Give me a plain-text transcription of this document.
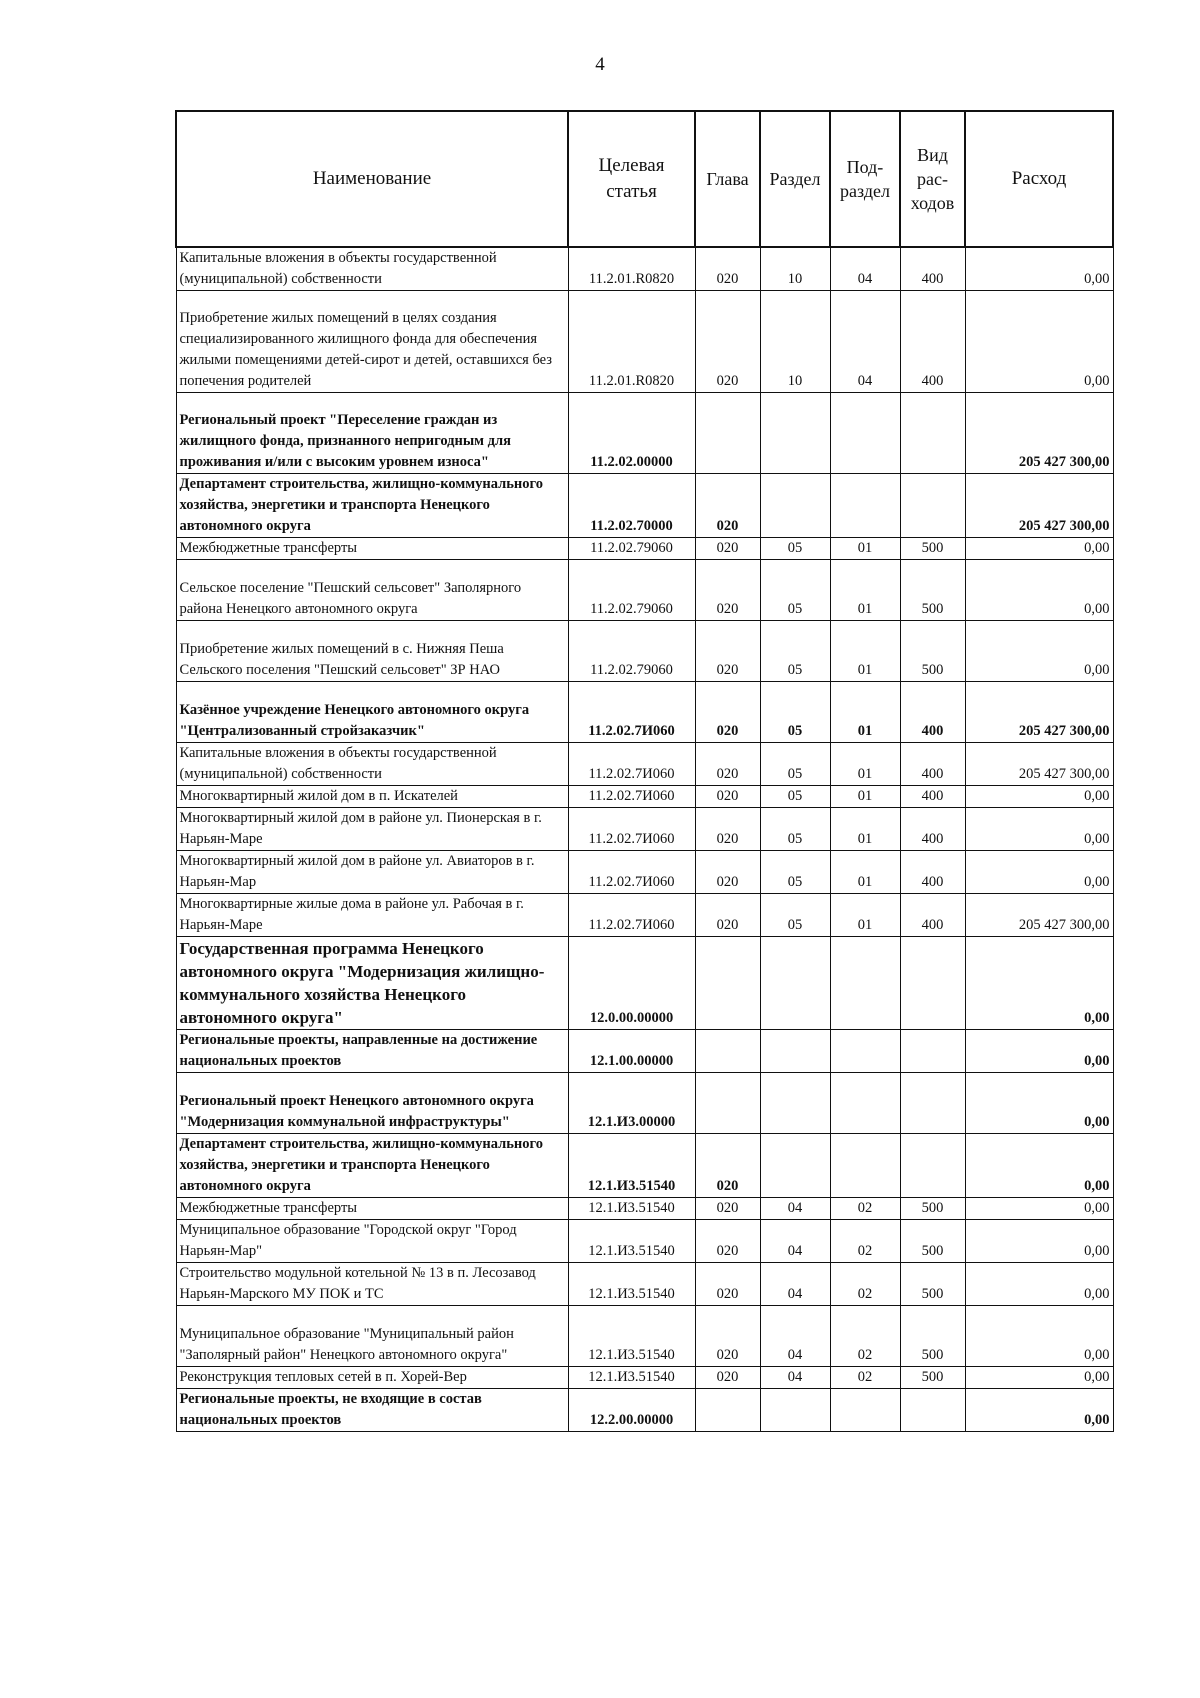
4
Наименование	Целевая статья	Глава	Раздел	Под- раздел	Вид рас- ходов	Расход
Капитальные вложения в объекты государственной (муниципальной) собственности	11.2.01.R0820	020	10	04	400	0,00
Приобретение жилых помещений в целях создания специализированного жилищного фонда для обеспечения жилыми помещениями детей-сирот и детей, оставшихся без попечения родителей	11.2.01.R0820	020	10	04	400	0,00
Региональный проект "Переселение граждан из жилищного фонда, признанного непригодным для проживания и/или с высоким уровнем износа"	11.2.02.00000					205 427 300,00
Департамент строительства, жилищно-коммунального хозяйства, энергетики и транспорта Ненецкого автономного округа	11.2.02.70000	020				205 427 300,00
Межбюджетные трансферты	11.2.02.79060	020	05	01	500	0,00
Сельское поселение "Пешский сельсовет" Заполярного района Ненецкого автономного округа	11.2.02.79060	020	05	01	500	0,00
Приобретение жилых помещений в с. Нижняя Пеша Сельского поселения "Пешский сельсовет" ЗР НАО	11.2.02.79060	020	05	01	500	0,00
Казённое учреждение Ненецкого автономного округа "Централизованный стройзаказчик"	11.2.02.7И060	020	05	01	400	205 427 300,00
Капитальные вложения в объекты государственной (муниципальной) собственности	11.2.02.7И060	020	05	01	400	205 427 300,00
Многоквартирный жилой дом в п. Искателей	11.2.02.7И060	020	05	01	400	0,00
Многоквартирный жилой дом в районе ул. Пионерская в г. Нарьян-Маре	11.2.02.7И060	020	05	01	400	0,00
Многоквартирный жилой дом в районе ул. Авиаторов в г. Нарьян-Мар	11.2.02.7И060	020	05	01	400	0,00
Многоквартирные жилые дома в районе ул. Рабочая в г. Нарьян-Маре	11.2.02.7И060	020	05	01	400	205 427 300,00
Государственная программа Ненецкого автономного округа "Модернизация жилищно-коммунального хозяйства Ненецкого автономного округа"	12.0.00.00000					0,00
Региональные проекты, направленные на достижение национальных проектов	12.1.00.00000					0,00
Региональный проект Ненецкого автономного округа "Модернизация коммунальной инфраструктуры"	12.1.И3.00000					0,00
Департамент строительства, жилищно-коммунального хозяйства, энергетики и транспорта Ненецкого автономного округа	12.1.И3.51540	020				0,00
Межбюджетные трансферты	12.1.И3.51540	020	04	02	500	0,00
Муниципальное образование "Городской округ "Город Нарьян-Мар"	12.1.И3.51540	020	04	02	500	0,00
Строительство модульной котельной № 13 в п. Лесозавод Нарьян-Марского МУ ПОК и ТС	12.1.И3.51540	020	04	02	500	0,00
Муниципальное образование "Муниципальный район "Заполярный район" Ненецкого автономного округа"	12.1.И3.51540	020	04	02	500	0,00
Реконструкция тепловых сетей в п. Хорей-Вер	12.1.И3.51540	020	04	02	500	0,00
Региональные проекты, не входящие в состав национальных проектов	12.2.00.00000					0,00
